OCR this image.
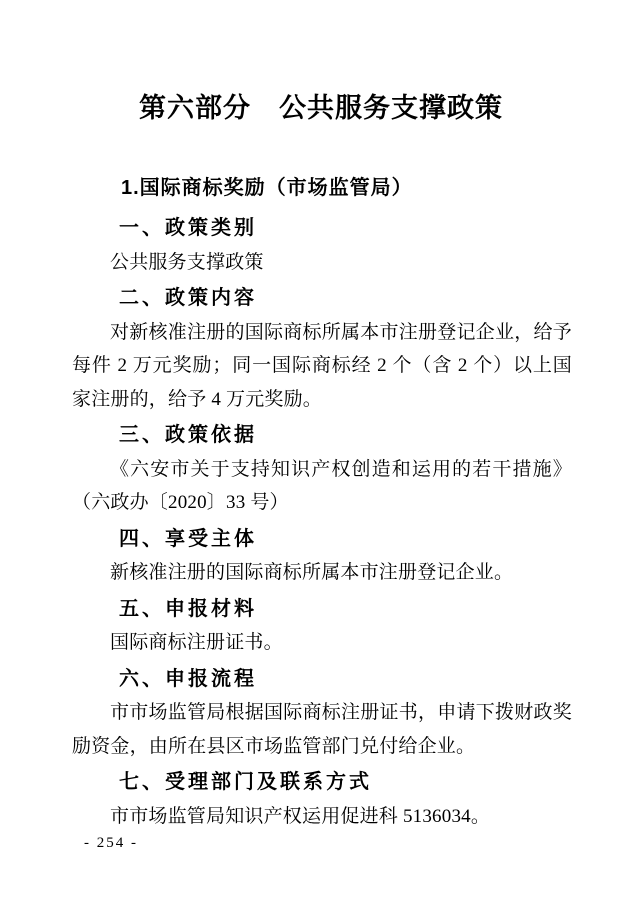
第六部分　公共服务支撑政策
1.国际商标奖励（市场监管局）
一、政策类别

公共服务支撑政策

二、政策内容

对新核准注册的国际商标所属本市注册登记企业，给予每件 2 万元奖励；同一国际商标经 2 个（含 2 个）以上国家注册的，给予 4 万元奖励。

三、政策依据

《六安市关于支持知识产权创造和运用的若干措施》（六政办〔2020〕33 号）

四、享受主体

新核准注册的国际商标所属本市注册登记企业。

五、申报材料

国际商标注册证书。

六、申报流程

市市场监管局根据国际商标注册证书，申请下拨财政奖励资金，由所在县区市场监管部门兑付给企业。

七、受理部门及联系方式

市市场监管局知识产权运用促进科 5136034。

- 254 -
